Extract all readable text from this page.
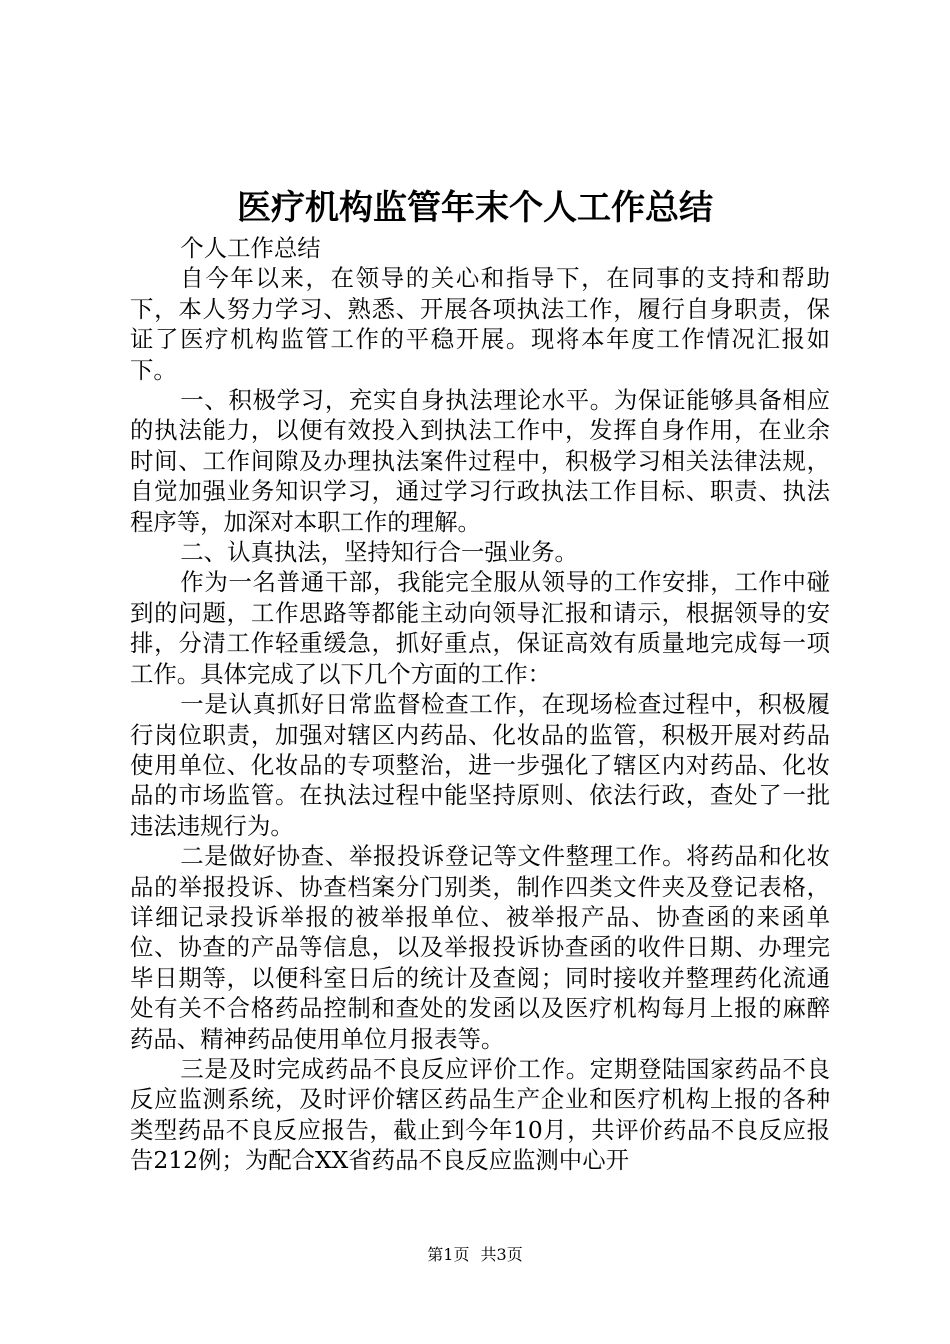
医疗机构监管年末个人工作总结

个人工作总结

自今年以来，在领导的关心和指导下，在同事的支持和帮助下，本人努力学习、熟悉、开展各项执法工作，履行自身职责，保证了医疗机构监管工作的平稳开展。现将本年度工作情况汇报如下。

一、积极学习，充实自身执法理论水平。为保证能够具备相应的执法能力，以便有效投入到执法工作中，发挥自身作用，在业余时间、工作间隙及办理执法案件过程中，积极学习相关法律法规，自觉加强业务知识学习，通过学习行政执法工作目标、职责、执法程序等，加深对本职工作的理解。

二、认真执法，坚持知行合一强业务。

作为一名普通干部，我能完全服从领导的工作安排，工作中碰到的问题，工作思路等都能主动向领导汇报和请示，根据领导的安排，分清工作轻重缓急，抓好重点，保证高效有质量地完成每一项工作。具体完成了以下几个方面的工作：

一是认真抓好日常监督检查工作，在现场检查过程中，积极履行岗位职责，加强对辖区内药品、化妆品的监管，积极开展对药品使用单位、化妆品的专项整治，进一步强化了辖区内对药品、化妆品的市场监管。在执法过程中能坚持原则、依法行政，查处了一批违法违规行为。

二是做好协查、举报投诉登记等文件整理工作。将药品和化妆品的举报投诉、协查档案分门别类，制作四类文件夹及登记表格，详细记录投诉举报的被举报单位、被举报产品、协查函的来函单位、协查的产品等信息，以及举报投诉协查函的收件日期、办理完毕日期等，以便科室日后的统计及查阅；同时接收并整理药化流通处有关不合格药品控制和查处的发函以及医疗机构每月上报的麻醉药品、精神药品使用单位月报表等。

三是及时完成药品不良反应评价工作。定期登陆国家药品不良反应监测系统，及时评价辖区药品生产企业和医疗机构上报的各种类型药品不良反应报告，截止到今年10月，共评价药品不良反应报告212例；为配合XX省药品不良反应监测中心开

第1页 共3页
